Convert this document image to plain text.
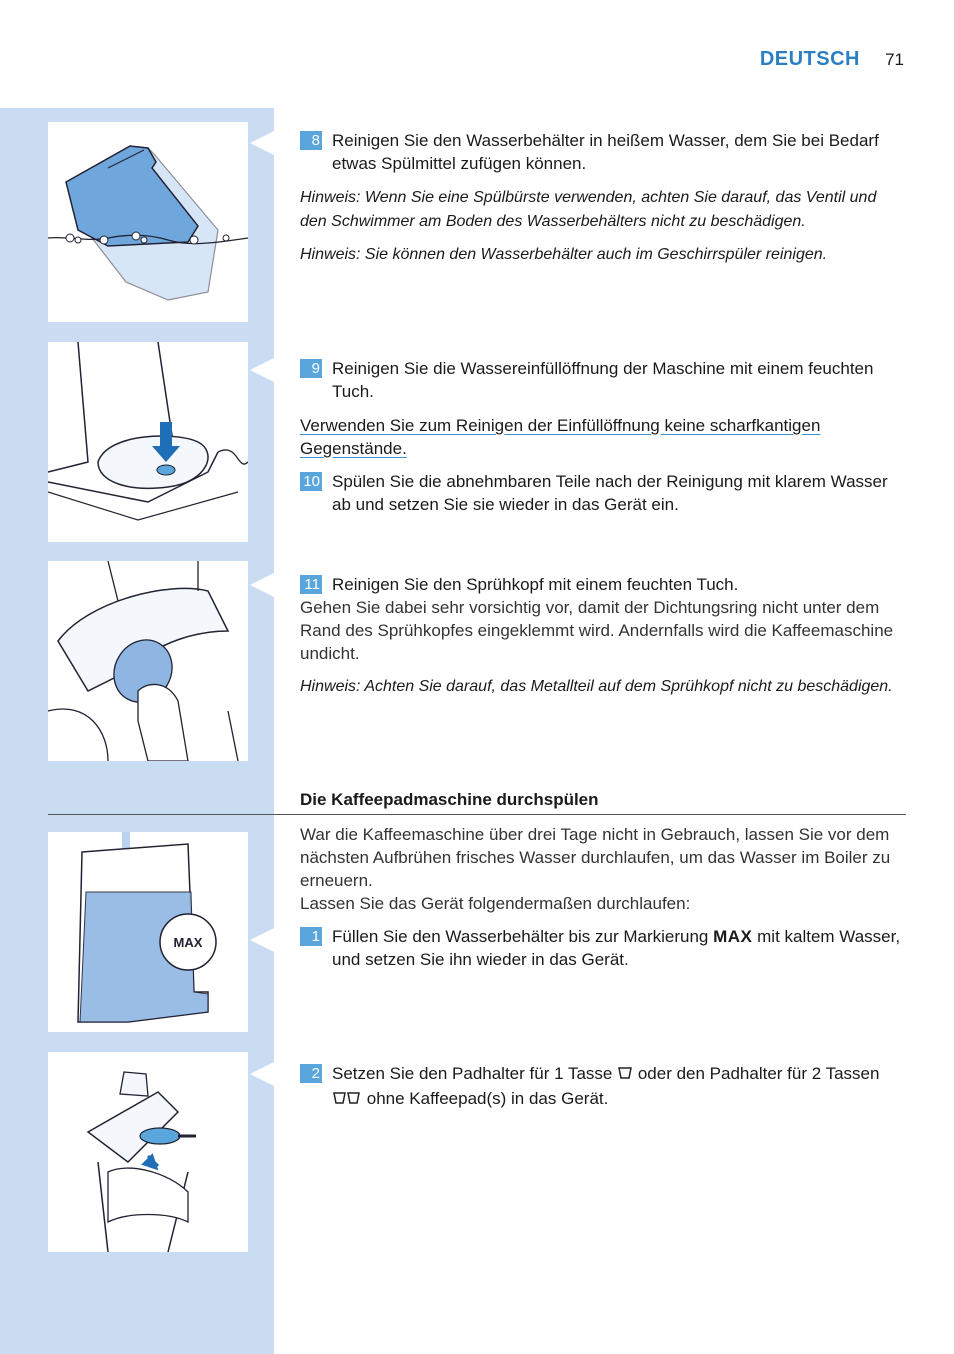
DEUTSCH 71
MAX
8 Reinigen Sie den Wasserbehälter in heißem Wasser, dem Sie bei Bedarf etwas Spülmittel zufügen können.
Hinweis: Wenn Sie eine Spülbürste verwenden, achten Sie darauf, das Ventil und den Schwimmer am Boden des Wasserbehälters nicht zu beschädigen.
Hinweis: Sie können den Wasserbehälter auch im Geschirrspüler reinigen.
9 Reinigen Sie die Wassereinfüllöffnung der Maschine mit einem feuchten Tuch.
Verwenden Sie zum Reinigen der Einfüllöffnung keine scharfkantigen Gegenstände.
10 Spülen Sie die abnehmbaren Teile nach der Reinigung mit klarem Wasser ab und setzen Sie sie wieder in das Gerät ein.
11 Reinigen Sie den Sprühkopf mit einem feuchten Tuch.
Gehen Sie dabei sehr vorsichtig vor, damit der Dichtungsring nicht unter dem Rand des Sprühkopfes eingeklemmt wird. Andernfalls wird die Kaffeemaschine undicht.
Hinweis: Achten Sie darauf, das Metallteil auf dem Sprühkopf nicht zu beschädigen.
Die Kaffeepadmaschine durchspülen
War die Kaffeemaschine über drei Tage nicht in Gebrauch, lassen Sie vor dem nächsten Aufbrühen frisches Wasser durchlaufen, um das Wasser im Boiler zu erneuern.
Lassen Sie das Gerät folgendermaßen durchlaufen:
1 Füllen Sie den Wasserbehälter bis zur Markierung MAX mit kaltem Wasser, und setzen Sie ihn wieder in das Gerät.
2 Setzen Sie den Padhalter für 1 Tasse oder den Padhalter für 2 Tassen  ohne Kaffeepad(s) in das Gerät.
